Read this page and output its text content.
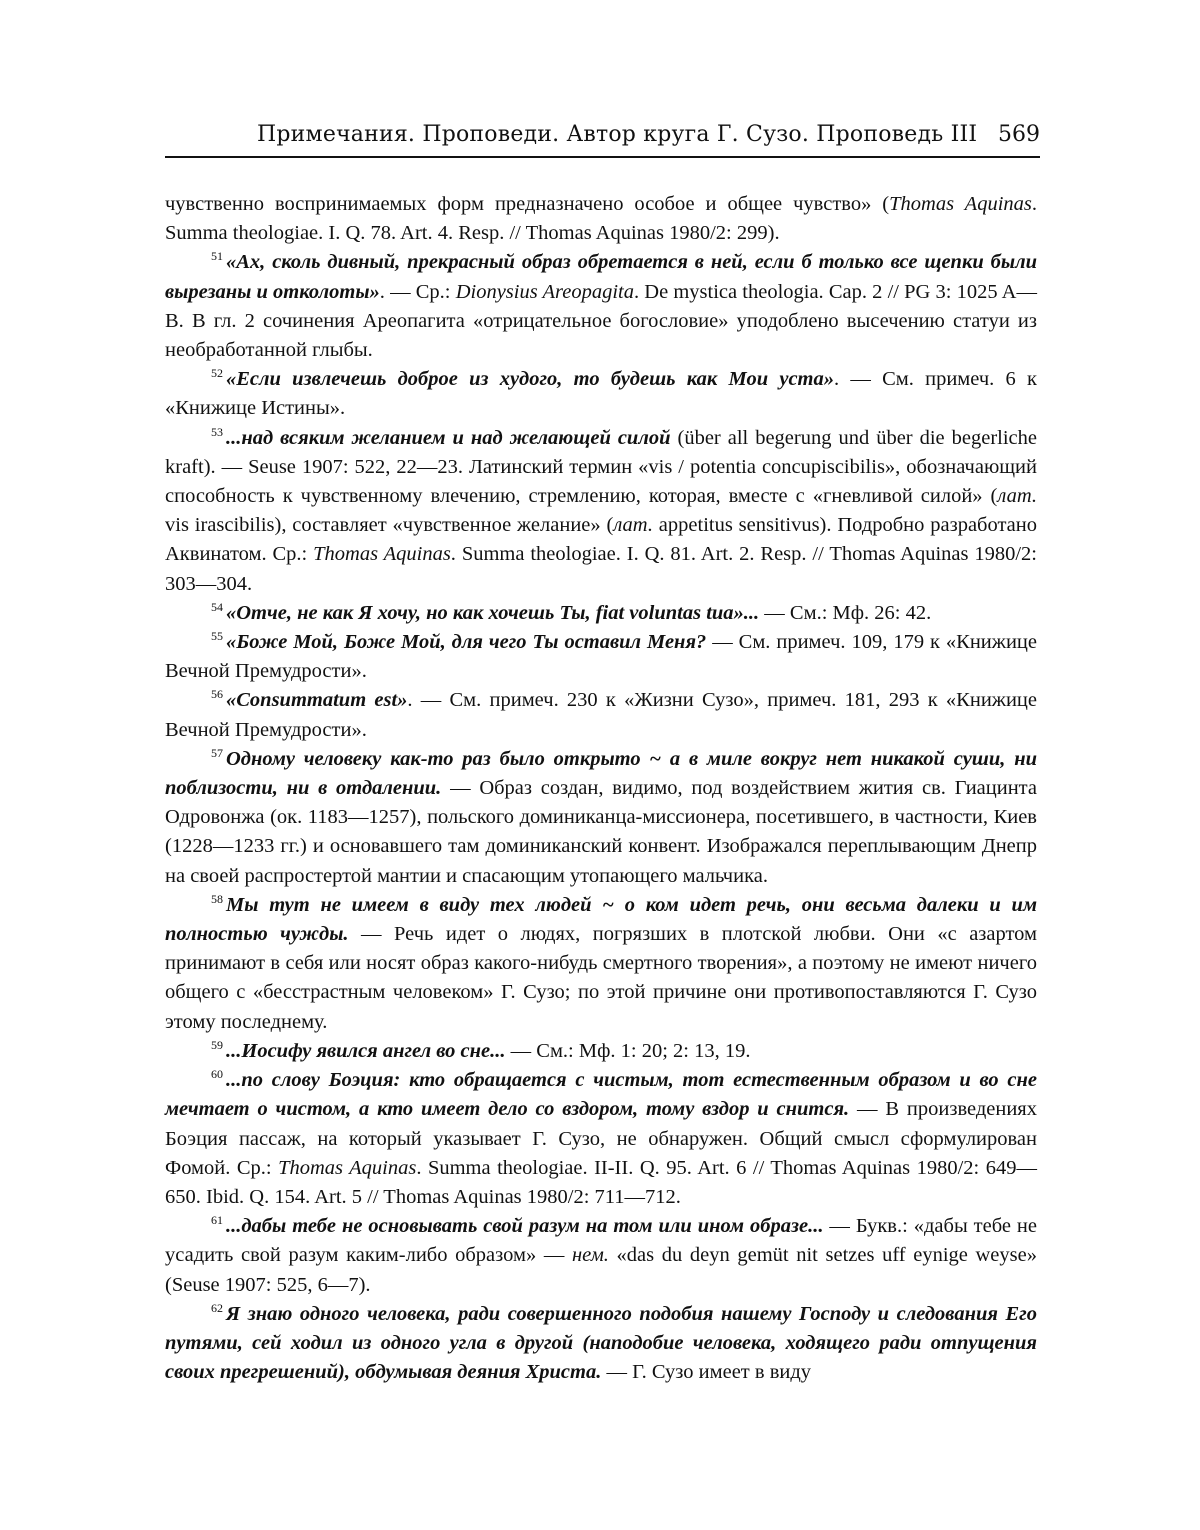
Примечания. Проповеди. Автор круга Г. Сузо. Проповедь III 569

чувственно воспринимаемых форм предназначено особое и общее чувство» (Thomas Aquinas. Summa theologiae. I. Q. 78. Art. 4. Resp. // Thomas Aquinas 1980/2: 299).

51 «Ах, сколь дивный, прекрасный образ обретается в ней, если б только все щепки были вырезаны и отколоты». — Ср.: Dionysius Areopagita. De mystica theologia. Cap. 2 // PG 3: 1025 A—B. В гл. 2 сочинения Ареопагита «отрицательное богословие» уподоблено высечению статуи из необработанной глыбы.

52 «Если извлечешь доброе из худого, то будешь как Мои уста». — См. примеч. 6 к «Книжице Истины».

53 ...над всяким желанием и над желающей силой (über all begerung und über die begerliche kraft). — Seuse 1907: 522, 22—23. Латинский термин «vis / potentia concupiscibilis», обозначающий способность к чувственному влечению, стремлению, которая, вместе с «гневливой силой» (лат. vis irascibilis), составляет «чувственное желание» (лат. appetitus sensitivus). Подробно разработано Аквинатом. Ср.: Thomas Aquinas. Summa theologiae. I. Q. 81. Art. 2. Resp. // Thomas Aquinas 1980/2: 303—304.

54 «Отче, не как Я хочу, но как хочешь Ты, fiat voluntas tua»... — См.: Мф. 26: 42.

55 «Боже Мой, Боже Мой, для чего Ты оставил Меня? — См. примеч. 109, 179 к «Книжице Вечной Премудрости».

56 «Consummatum est». — См. примеч. 230 к «Жизни Сузо», примеч. 181, 293 к «Книжице Вечной Премудрости».

57 Одному человеку как-то раз было открыто ~ а в миле вокруг нет никакой суши, ни поблизости, ни в отдалении. — Образ создан, видимо, под воздействием жития св. Гиацинта Одровонжа (ок. 1183—1257), польского доминиканца-миссионера, посетившего, в частности, Киев (1228—1233 гг.) и основавшего там доминиканский конвент. Изображался переплывающим Днепр на своей распростертой мантии и спасающим утопающего мальчика.

58 Мы тут не имеем в виду тех людей ~ о ком идет речь, они весьма далеки и им полностью чужды. — Речь идет о людях, погрязших в плотской любви. Они «с азартом принимают в себя или носят образ какого-нибудь смертного творения», а поэтому не имеют ничего общего с «бесстрастным человеком» Г. Сузо; по этой причине они противопоставляются Г. Сузо этому последнему.

59 ...Иосифу явился ангел во сне... — См.: Мф. 1: 20; 2: 13, 19.

60 ...по слову Боэция: кто обращается с чистым, тот естественным образом и во сне мечтает о чистом, а кто имеет дело со вздором, тому вздор и снится. — В произведениях Боэция пассаж, на который указывает Г. Сузо, не обнаружен. Общий смысл сформулирован Фомой. Ср.: Thomas Aquinas. Summa theologiae. II-II. Q. 95. Art. 6 // Thomas Aquinas 1980/2: 649—650. Ibid. Q. 154. Art. 5 // Thomas Aquinas 1980/2: 711—712.

61 ...дабы тебе не основывать свой разум на том или ином образе... — Букв.: «дабы тебе не усадить свой разум каким-либо образом» — нем. «das du deyn gemüt nit setzes uff eynige weyse» (Seuse 1907: 525, 6—7).

62 Я знаю одного человека, ради совершенного подобия нашему Господу и следования Его путями, сей ходил из одного угла в другой (наподобие человека, ходящего ради отпущения своих прегрешений), обдумывая деяния Христа. — Г. Сузо имеет в виду
